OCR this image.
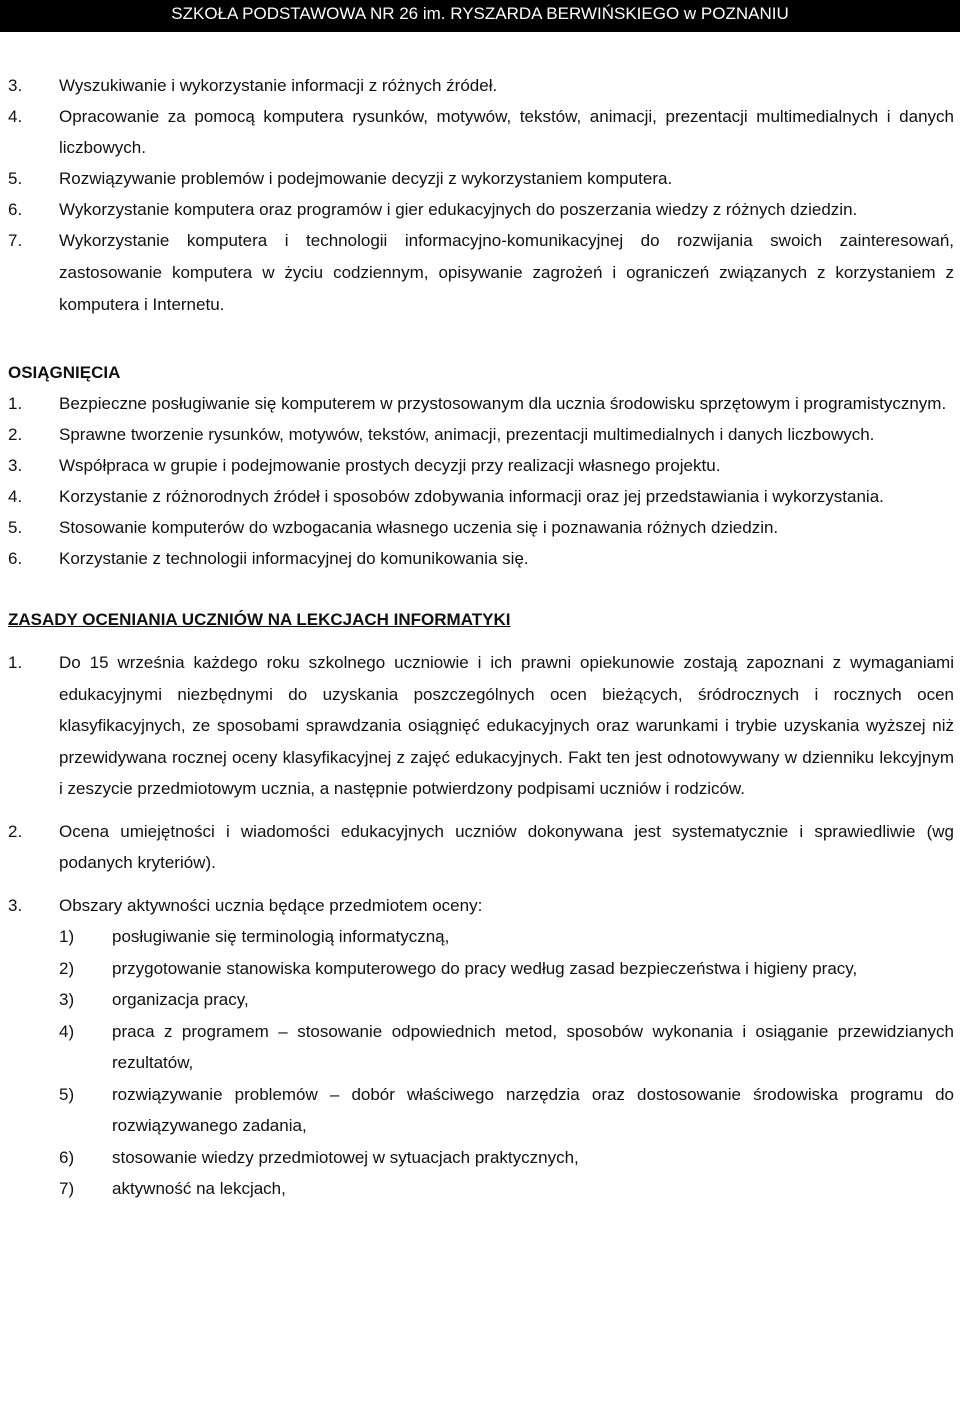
SZKOŁA PODSTAWOWA NR 26 im. RYSZARDA BERWIŃSKIEGO w POZNANIU
3. Wyszukiwanie i wykorzystanie informacji z różnych źródeł.
4. Opracowanie za pomocą komputera rysunków, motywów, tekstów, animacji, prezentacji multimedialnych i danych liczbowych.
5. Rozwiązywanie problemów i podejmowanie decyzji z wykorzystaniem komputera.
6. Wykorzystanie komputera oraz programów i gier edukacyjnych do poszerzania wiedzy z różnych dziedzin.
7. Wykorzystanie komputera i technologii informacyjno-komunikacyjnej do rozwijania swoich zainteresowań, zastosowanie komputera w życiu codziennym, opisywanie zagrożeń i ograniczeń związanych z korzystaniem z komputera i Internetu.
OSIĄGNIĘCIA
1. Bezpieczne posługiwanie się komputerem w przystosowanym dla ucznia środowisku sprzętowym i programistycznym.
2. Sprawne tworzenie rysunków, motywów, tekstów, animacji, prezentacji multimedialnych i danych liczbowych.
3. Współpraca w grupie i podejmowanie prostych decyzji przy realizacji własnego projektu.
4. Korzystanie z różnorodnych źródeł i sposobów zdobywania informacji oraz jej przedstawiania i wykorzystania.
5. Stosowanie komputerów do wzbogacania własnego uczenia się i poznawania różnych dziedzin.
6. Korzystanie z technologii informacyjnej do komunikowania się.
ZASADY OCENIANIA UCZNIÓW NA LEKCJACH INFORMATYKI
1. Do 15 września każdego roku szkolnego uczniowie i ich prawni opiekunowie zostają zapoznani z wymaganiami edukacyjnymi niezbędnymi do uzyskania poszczególnych ocen bieżących, śródrocznych i rocznych ocen klasyfikacyjnych, ze sposobami sprawdzania osiągnięć edukacyjnych oraz warunkami i trybie uzyskania wyższej niż przewidywana rocznej oceny klasyfikacyjnej z zajęć edukacyjnych. Fakt ten jest odnotowywany w dzienniku lekcyjnym i zeszycie przedmiotowym ucznia, a następnie potwierdzony podpisami uczniów i rodziców.
2. Ocena umiejętności i wiadomości edukacyjnych uczniów dokonywana jest systematycznie i sprawiedliwie (wg podanych kryteriów).
3. Obszary aktywności ucznia będące przedmiotem oceny:
1) posługiwanie się terminologią informatyczną,
2) przygotowanie stanowiska komputerowego do pracy według zasad bezpieczeństwa i higieny pracy,
3) organizacja pracy,
4) praca z programem – stosowanie odpowiednich metod, sposobów wykonania i osiąganie przewidzianych rezultatów,
5) rozwiązywanie problemów – dobór właściwego narzędzia oraz dostosowanie środowiska programu do rozwiązywanego zadania,
6) stosowanie wiedzy przedmiotowej w sytuacjach praktycznych,
7) aktywność na lekcjach,
